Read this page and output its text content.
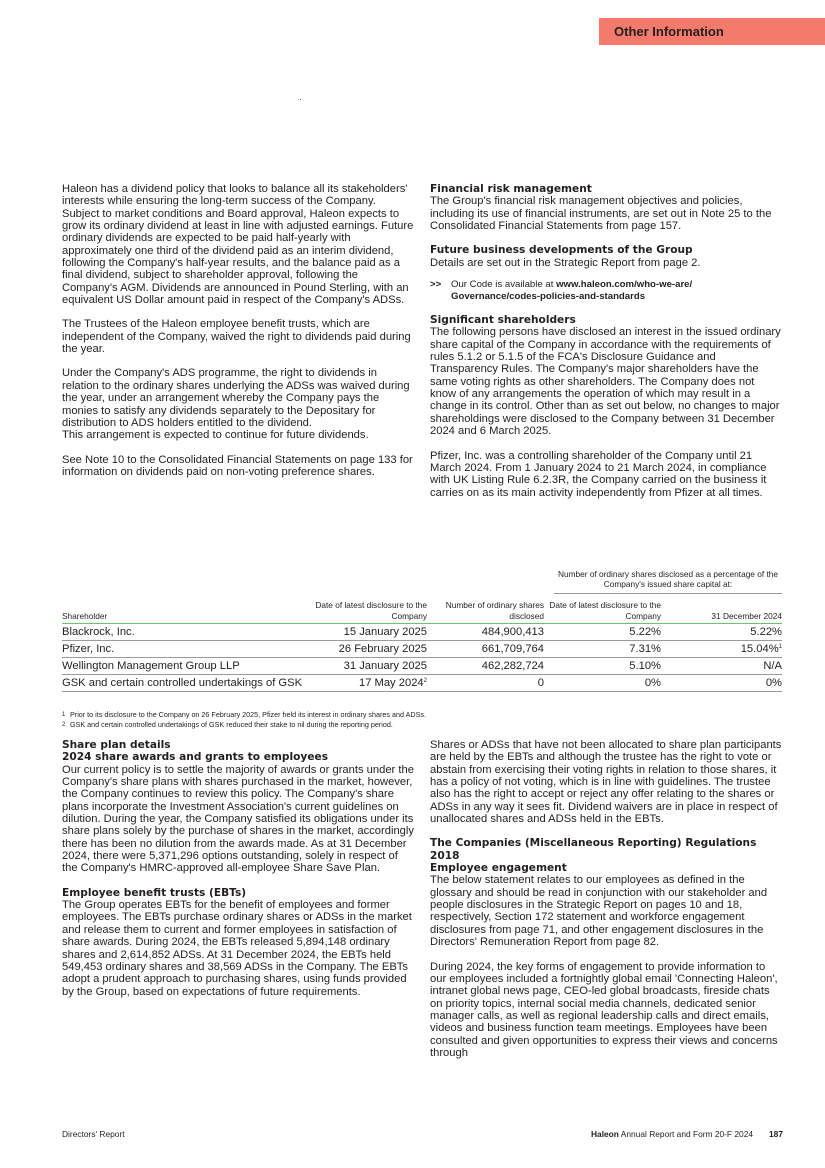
Other Information

Haleon has a dividend policy that looks to balance all its stakeholders' interests while ensuring the long-term success of the Company. Subject to market conditions and Board approval, Haleon expects to grow its ordinary dividend at least in line with adjusted earnings. Future ordinary dividends are expected to be paid half-yearly with approximately one third of the dividend paid as an interim dividend, following the Company's half-year results, and the balance paid as a final dividend, subject to shareholder approval, following the Company's AGM. Dividends are announced in Pound Sterling, with an equivalent US Dollar amount paid in respect of the Company's ADSs.

The Trustees of the Haleon employee benefit trusts, which are independent of the Company, waived the right to dividends paid during the year.

Under the Company's ADS programme, the right to dividends in relation to the ordinary shares underlying the ADSs was waived during the year, under an arrangement whereby the Company pays the monies to satisfy any dividends separately to the Depositary for distribution to ADS holders entitled to the dividend.

This arrangement is expected to continue for future dividends.

See Note 10 to the Consolidated Financial Statements on page 133 for information on dividends paid on non-voting preference shares.

Financial risk management

The Group's financial risk management objectives and policies, including its use of financial instruments, are set out in Note 25 to the Consolidated Financial Statements from page 157.

Future business developments of the Group

Details are set out in the Strategic Report from page 2.

>>	Our Code is available at www.haleon.com/who-we-are/
Governance/codes-policies-and-standards

Significant shareholders

The following persons have disclosed an interest in the issued ordinary share capital of the Company in accordance with the requirements of rules 5.1.2 or 5.1.5 of the FCA's Disclosure Guidance and Transparency Rules. The Company's major shareholders have the same voting rights as other shareholders. The Company does not know of any arrangements the operation of which may result in a change in its control. Other than as set out below, no changes to major shareholdings were disclosed to the Company between 31 December 2024 and 6 March 2025.

Pfizer, Inc. was a controlling shareholder of the Company until 21 March 2024. From 1 January 2024 to 21 March 2024, in compliance with UK Listing Rule 6.2.3R, the Company carried on the business it carries on as its main activity independently from Pfizer at all times.

Number of ordinary shares disclosed as a percentage of the Company's issued share capital at:
Shareholder	Date of latest disclosure to the Company	Number of ordinary shares disclosed	Date of latest disclosure to the Company	31 December 2024
Blackrock, Inc.	15 January 2025	484,900,413	5.22%	5.22%
Pfizer, Inc.	26 February 2025	661,709,764	7.31%	15.04%$^1$
Wellington Management Group LLP	31 January 2025	462,282,724	5.10%	N/A
GSK and certain controlled undertakings of GSK	17 May 2024$^2$	0	0%	0%

1 Prior to its disclosure to the Company on 26 February 2025, Pfizer held its interest in ordinary shares and ADSs.

2 GSK and certain controlled undertakings of GSK reduced their stake to nil during the reporting period.

Share plan details

2024 share awards and grants to employees

Our current policy is to settle the majority of awards or grants under the Company's share plans with shares purchased in the market, however, the Company continues to review this policy. The Company's share plans incorporate the Investment Association's current guidelines on dilution. During the year, the Company satisfied its obligations under its share plans solely by the purchase of shares in the market, accordingly there has been no dilution from the awards made. As at 31 December 2024, there were 5,371,296 options outstanding, solely in respect of the Company's HMRC-approved all-employee Share Save Plan.

Employee benefit trusts (EBTs)

The Group operates EBTs for the benefit of employees and former employees. The EBTs purchase ordinary shares or ADSs in the market and release them to current and former employees in satisfaction of share awards. During 2024, the EBTs released 5,894,148 ordinary shares and 2,614,852 ADSs. At 31 December 2024, the EBTs held 549,453 ordinary shares and 38,569 ADSs in the Company. The EBTs adopt a prudent approach to purchasing shares, using funds provided by the Group, based on expectations of future requirements.

Shares or ADSs that have not been allocated to share plan participants are held by the EBTs and although the trustee has the right to vote or abstain from exercising their voting rights in relation to those shares, it has a policy of not voting, which is in line with guidelines. The trustee also has the right to accept or reject any offer relating to the shares or ADSs in any way it sees fit. Dividend waivers are in place in respect of unallocated shares and ADSs held in the EBTs.

The Companies (Miscellaneous Reporting) Regulations 2018

Employee engagement

The below statement relates to our employees as defined in the glossary and should be read in conjunction with our stakeholder and people disclosures in the Strategic Report on pages 10 and 18, respectively, Section 172 statement and workforce engagement disclosures from page 71, and other engagement disclosures in the Directors' Remuneration Report from page 82.

During 2024, the key forms of engagement to provide information to our employees included a fortnightly global email 'Connecting Haleon', intranet global news page, CEO-led global broadcasts, fireside chats on priority topics, internal social media channels, dedicated senior manager calls, as well as regional leadership calls and direct emails, videos and business function team meetings. Employees have been consulted and given opportunities to express their views and concerns through

Directors' Report	Haleon Annual Report and Form 20-F 2024 187
